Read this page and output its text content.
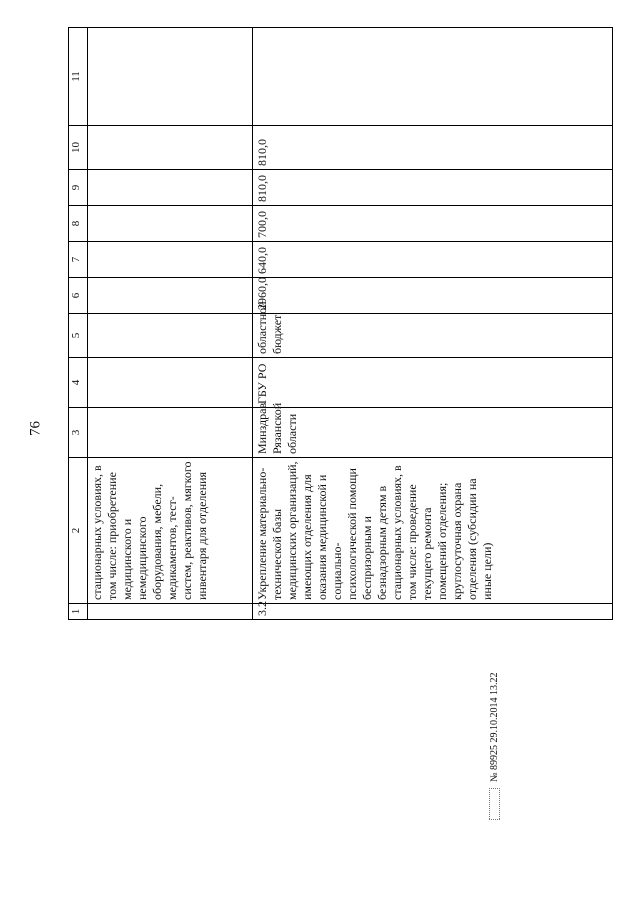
76
1	2	3	4	5	6	7	8	9	10	11
	стационарных условиях, в том числе: приобретение медицинского и немедицинского оборудования, мебели, медикаментов, тест-систем, реактивов, мягкого инвентаря для отделения									
3.2	Укрепление материально-технической базы медицинских организаций, имеющих отделения для оказания медицинской и социально-психологической помощи беспризорным и безнадзорным детям в стационарных условиях, в том числе: проведение текущего ремонта помещений отделения; круглосуточная охрана отделения (субсидии на иные цели)	Минздрав Рязанской области	ГБУ РО	областной бюджет	2960,0	640,0	700,0	810,0	810,0	
№ 89925 29.10.2014 13.22
